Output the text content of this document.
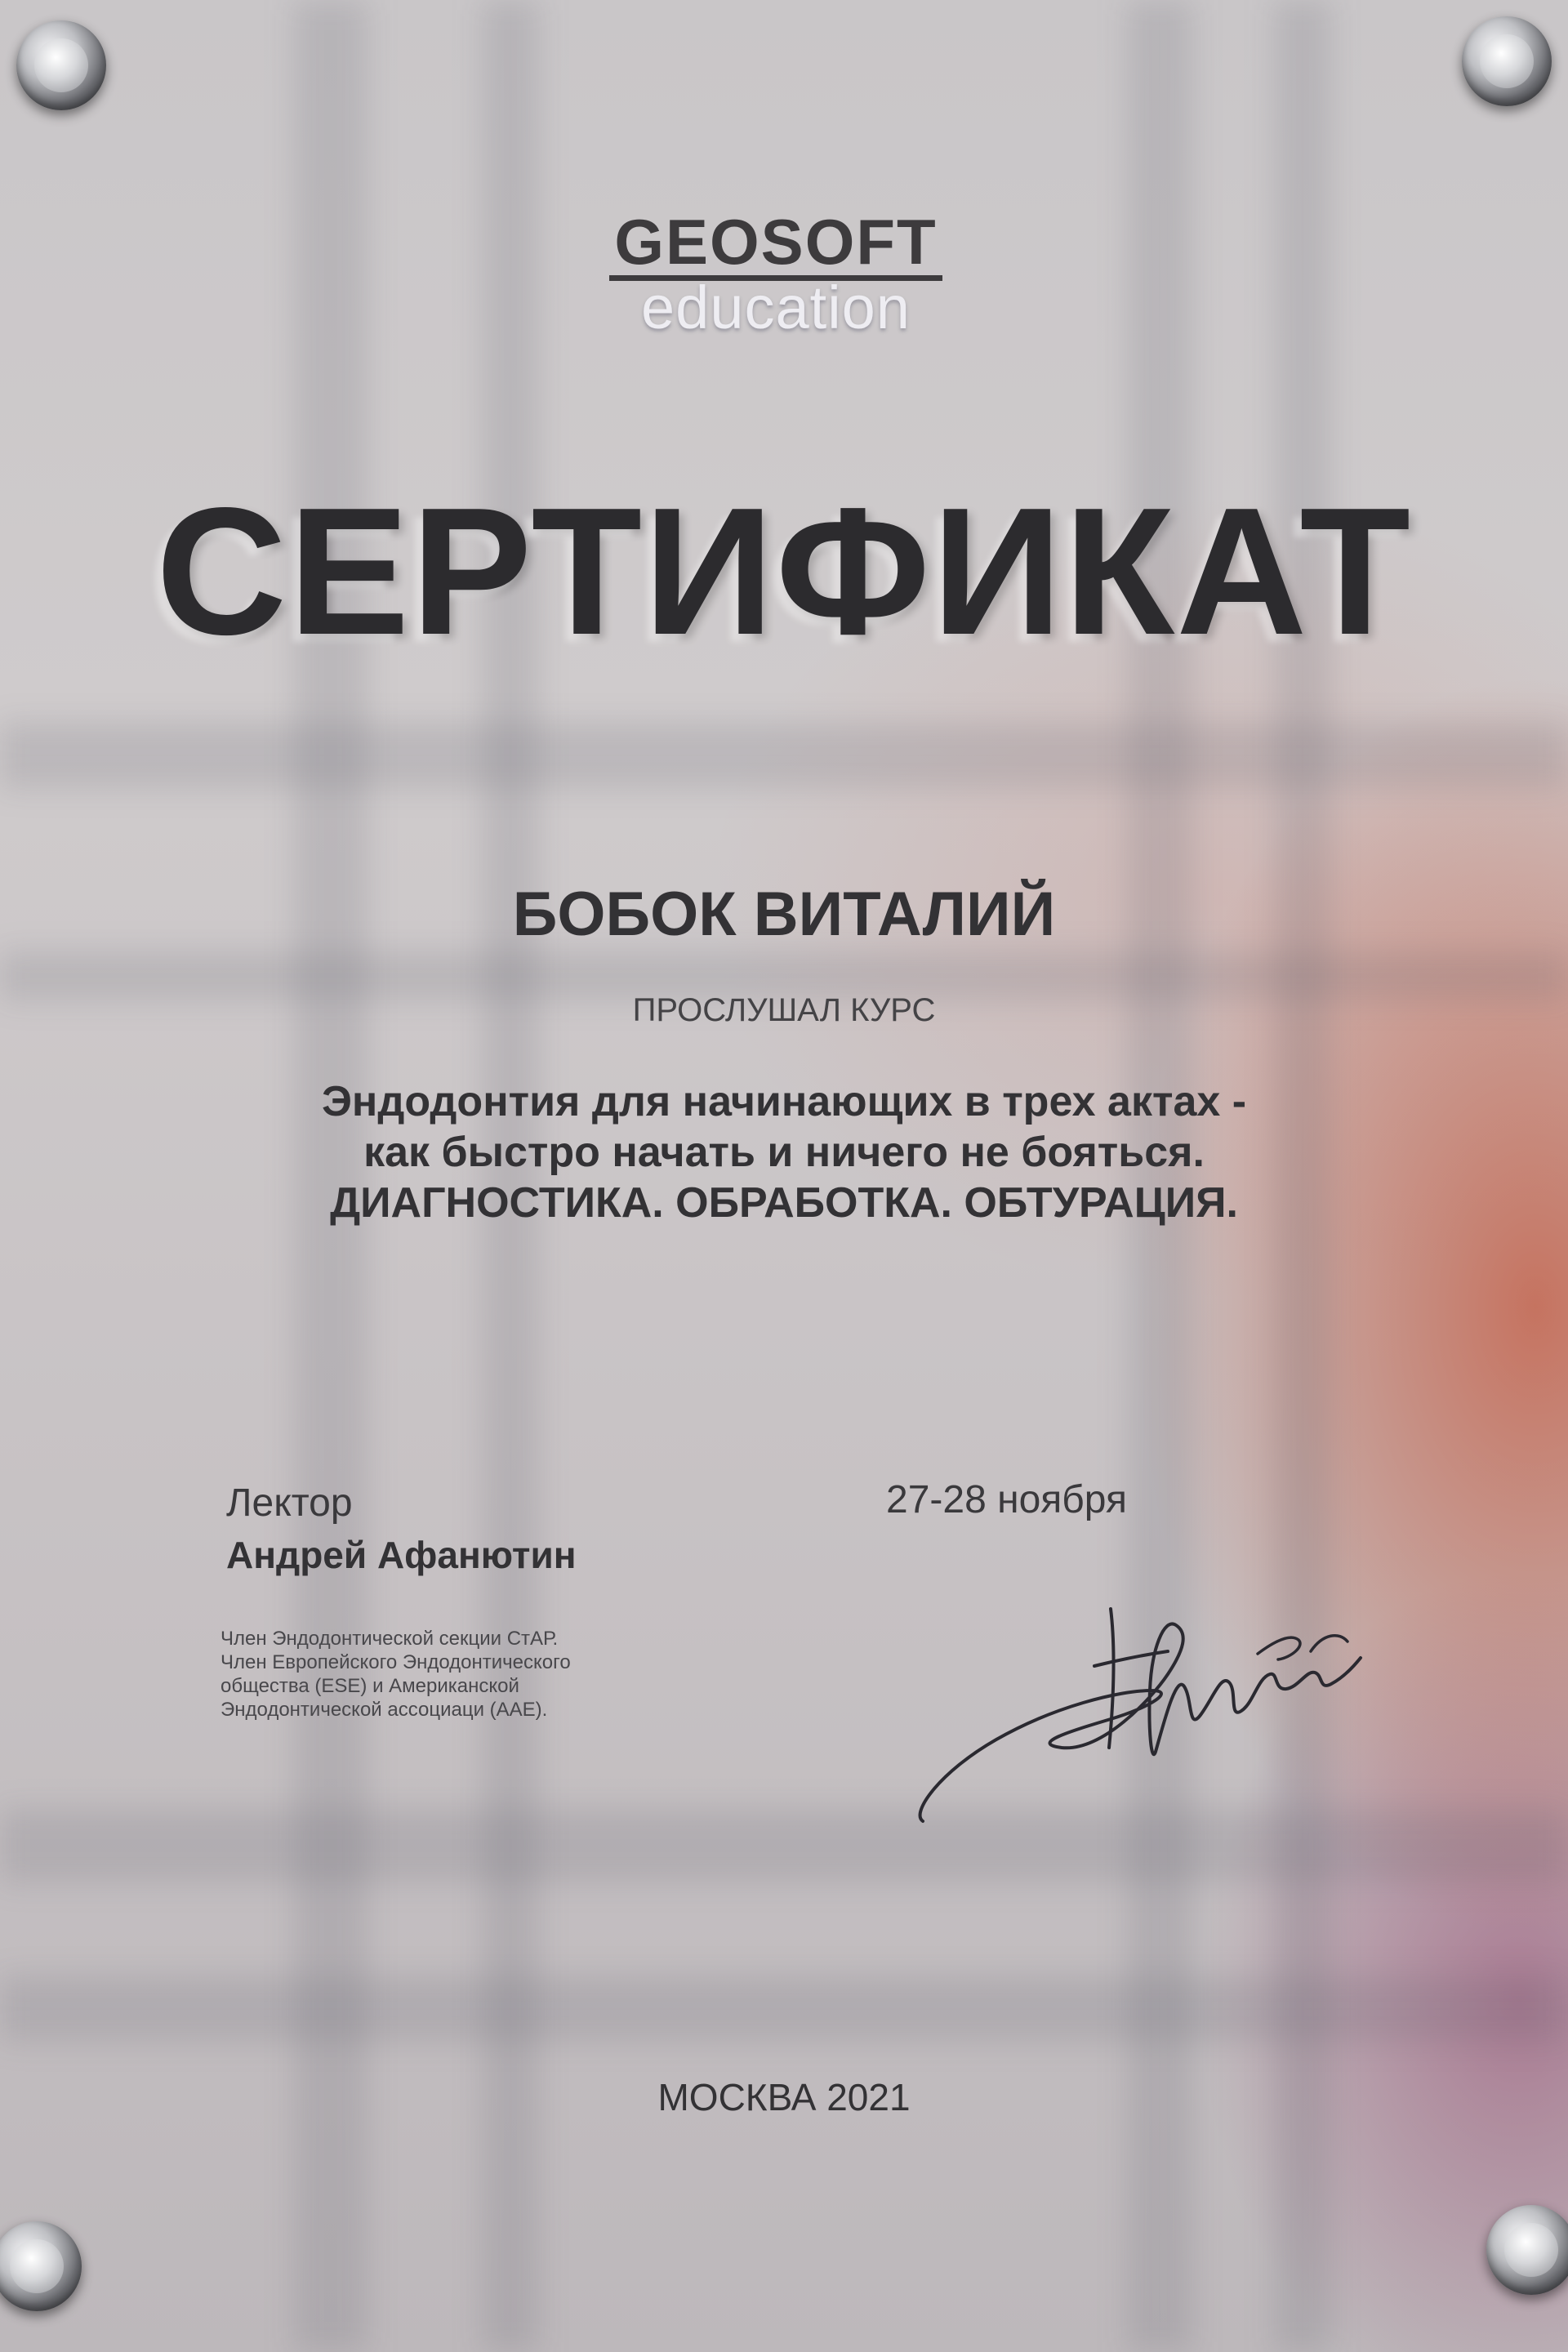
GEOSOFT
education
СЕРТИФИКАТ
БОБОК ВИТАЛИЙ
ПРОСЛУШАЛ КУРС
Эндодонтия для начинающих в трех актах -
как быстро начать и ничего не бояться.
ДИАГНОСТИКА. ОБРАБОТКА. ОБТУРАЦИЯ.
Лектор
Андрей Афанютин
Член Эндодонтической секции СтАР.
Член Европейского Эндодонтического
общества (ESE) и Американской
Эндодонтической ассоциаци (AAE).
27-28 ноября
МОСКВА 2021
